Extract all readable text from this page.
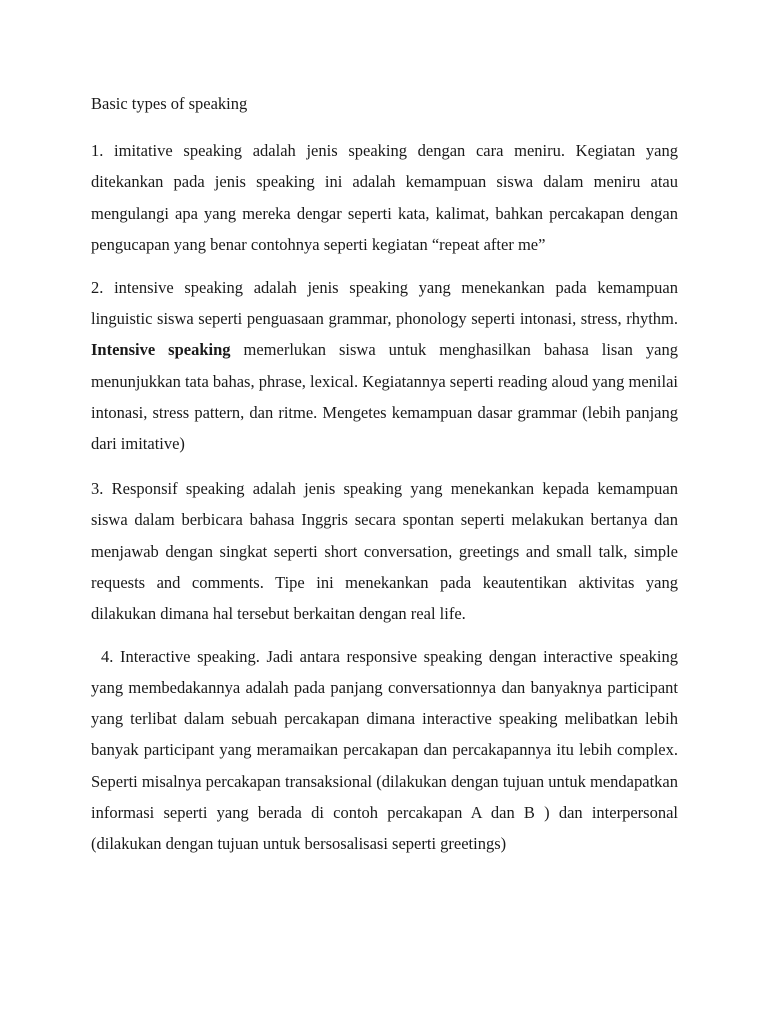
Basic types of speaking

1. imitative speaking adalah jenis speaking dengan cara meniru. Kegiatan yang ditekankan pada jenis speaking ini adalah kemampuan siswa dalam meniru atau mengulangi apa yang mereka dengar seperti kata, kalimat, bahkan percakapan dengan pengucapan yang benar contohnya seperti kegiatan “repeat after me”

2. intensive speaking adalah jenis speaking yang menekankan pada kemampuan linguistic siswa seperti penguasaan grammar, phonology seperti intonasi, stress, rhythm. Intensive speaking memerlukan siswa untuk menghasilkan bahasa lisan yang menunjukkan tata bahas, phrase, lexical. Kegiatannya seperti reading aloud yang menilai intonasi, stress pattern, dan ritme. Mengetes kemampuan dasar grammar (lebih panjang dari imitative)

3. Responsif speaking adalah jenis speaking yang menekankan kepada kemampuan siswa dalam berbicara bahasa Inggris secara spontan seperti melakukan bertanya dan menjawab dengan singkat seperti short conversation, greetings and small talk, simple requests and comments. Tipe ini menekankan pada keautentikan aktivitas yang dilakukan dimana hal tersebut berkaitan dengan real life.

4. Interactive speaking. Jadi antara responsive speaking dengan interactive speaking yang membedakannya adalah pada panjang conversationnya dan banyaknya participant yang terlibat dalam sebuah percakapan dimana interactive speaking melibatkan lebih banyak participant yang meramaikan percakapan dan percakapannya itu lebih complex. Seperti misalnya percakapan transaksional (dilakukan dengan tujuan untuk mendapatkan informasi seperti yang berada di contoh percakapan A dan B ) dan interpersonal (dilakukan dengan tujuan untuk bersosalisasi seperti greetings)
